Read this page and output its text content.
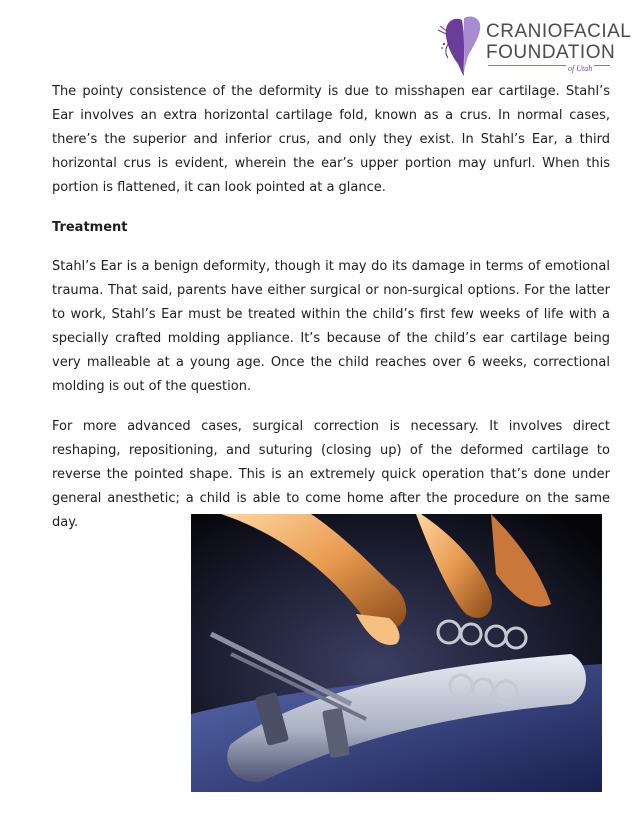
CRANIOFACIAL
FOUNDATION
of Utah

The pointy consistence of the deformity is due to misshapen ear cartilage. Stahl’s Ear involves an extra horizontal cartilage fold, known as a crus. In normal cases, there’s the superior and inferior crus, and only they exist. In Stahl’s Ear, a third horizontal crus is evident, wherein the ear’s upper portion may unfurl. When this portion is flattened, it can look pointed at a glance.

Treatment

Stahl’s Ear is a benign deformity, though it may do its damage in terms of emotional trauma. That said, parents have either surgical or non-surgical options. For the latter to work, Stahl’s Ear must be treated within the child’s first few weeks of life with a specially crafted molding appliance. It’s because of the child’s ear cartilage being very malleable at a young age. Once the child reaches over 6 weeks, correctional molding is out of the question.

For more advanced cases, surgical correction is necessary. It involves direct reshaping, repositioning, and suturing (closing up) of the deformed cartilage to reverse the pointed shape. This is an extremely quick operation that’s done under general anesthetic; a child is able to come home after the procedure on the same day.
